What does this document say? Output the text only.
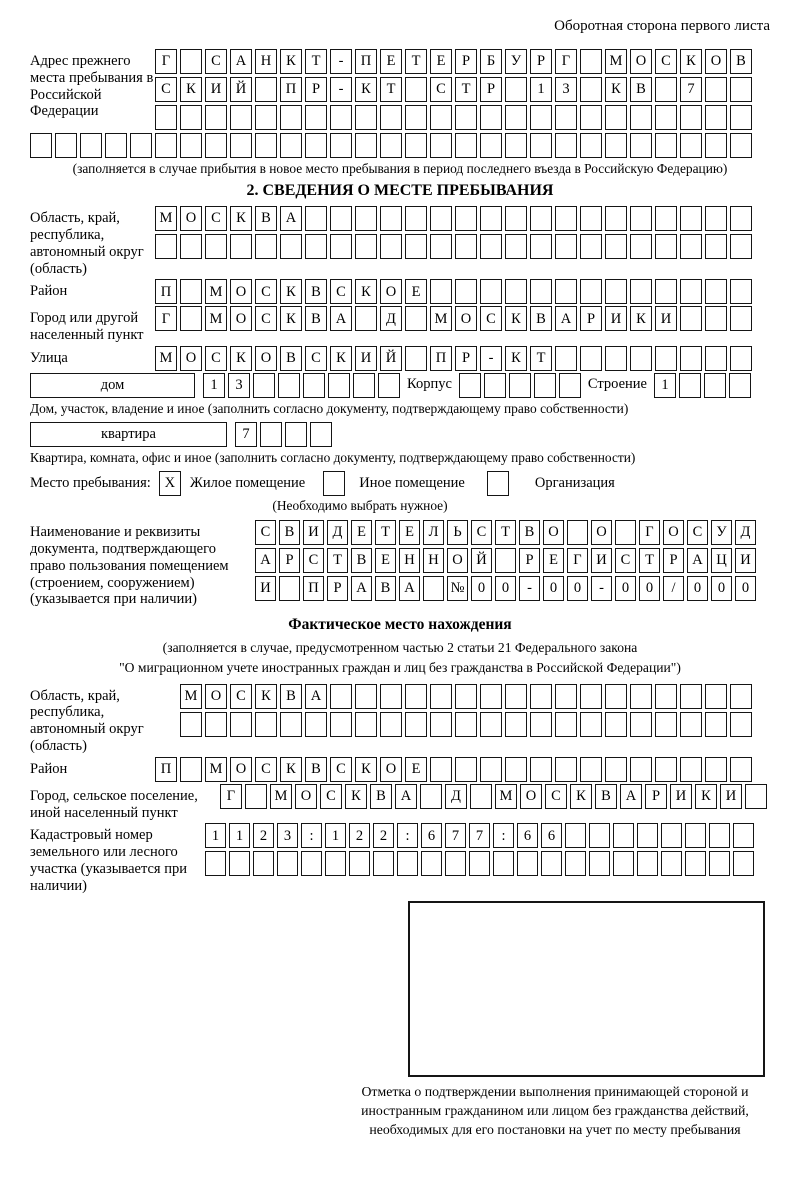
Оборотная сторона первого листа
Адрес прежнего места пребывания в Российской Федерации
Г	С	А	Н	К	Т	-	П	Е	Т	Е	Р	Б	У	Р	Г	М О	С	К	О	В
С	К	И	Й	П	Р	-	К	Т	С	Т	Р	1	3	К	В	7
(заполняется в случае прибытия в новое место пребывания в период последнего въезда в Российскую Федерацию)
2. СВЕДЕНИЯ О МЕСТЕ ПРЕБЫВАНИЯ
Область, край, республика, автономный округ (область)
М О	С	К	В	А
Район	П	М О	С	К	В	С	К	О	Е
Город или другой населенный пункт
Г	М О	С	К	В	А	Д	М О	С	К	В	А	Р	И	К	И
Улица	М О	С	К	О	В	С	К	И	Й	П	Р	-	К	Т
дом	1	3	Корпус	Строение 1
Дом, участок, владение и иное (заполнить согласно документу, подтверждающему право собственности)
квартира	7
Квартира, комната, офис и иное (заполнить согласно документу, подтверждающему право собственности)
Место пребывания: X	Жилое помещение	Иное помещение	Организация
(Необходимо выбрать нужное)
Наименование и реквизиты документа, подтверждающего право пользования помещением (строением, сооружением) (указывается при наличии)
С В И Д	Е	Т	Е	Л	Ь	С	Т	В О	О	Г	О С У Д
А	Р	С	Т	В	Е Н Н О Й	Р	Е	Г	И С	Т	Р	А Ц И
И	П	Р	А В А	№ 0	0	-	0	0	-	0	0	/	0	0	0
Фактическое место нахождения
(заполняется в случае, предусмотренном частью 2 статьи 21 Федерального закона
"О миграционном учете иностранных граждан и лиц без гражданства в Российской Федерации")
Область, край, республика, автономный округ (область)
М О	С	К	В	А
Район	П	М О	С	К	В	С	К	О	Е
Город, сельское поселение, иной населенный пункт
Г	М О	С	К	В	А	Д	М О	С	К	В	А	Р	И	К	И
Кадастровый номер земельного или лесного участка (указывается при наличии)
1	1	2	3	:	1	2	2	:	6	7	7	:	6	6
Отметка о подтверждении выполнения принимающей стороной и иностранным гражданином или лицом без гражданства действий, необходимых для его постановки на учет по месту пребывания
